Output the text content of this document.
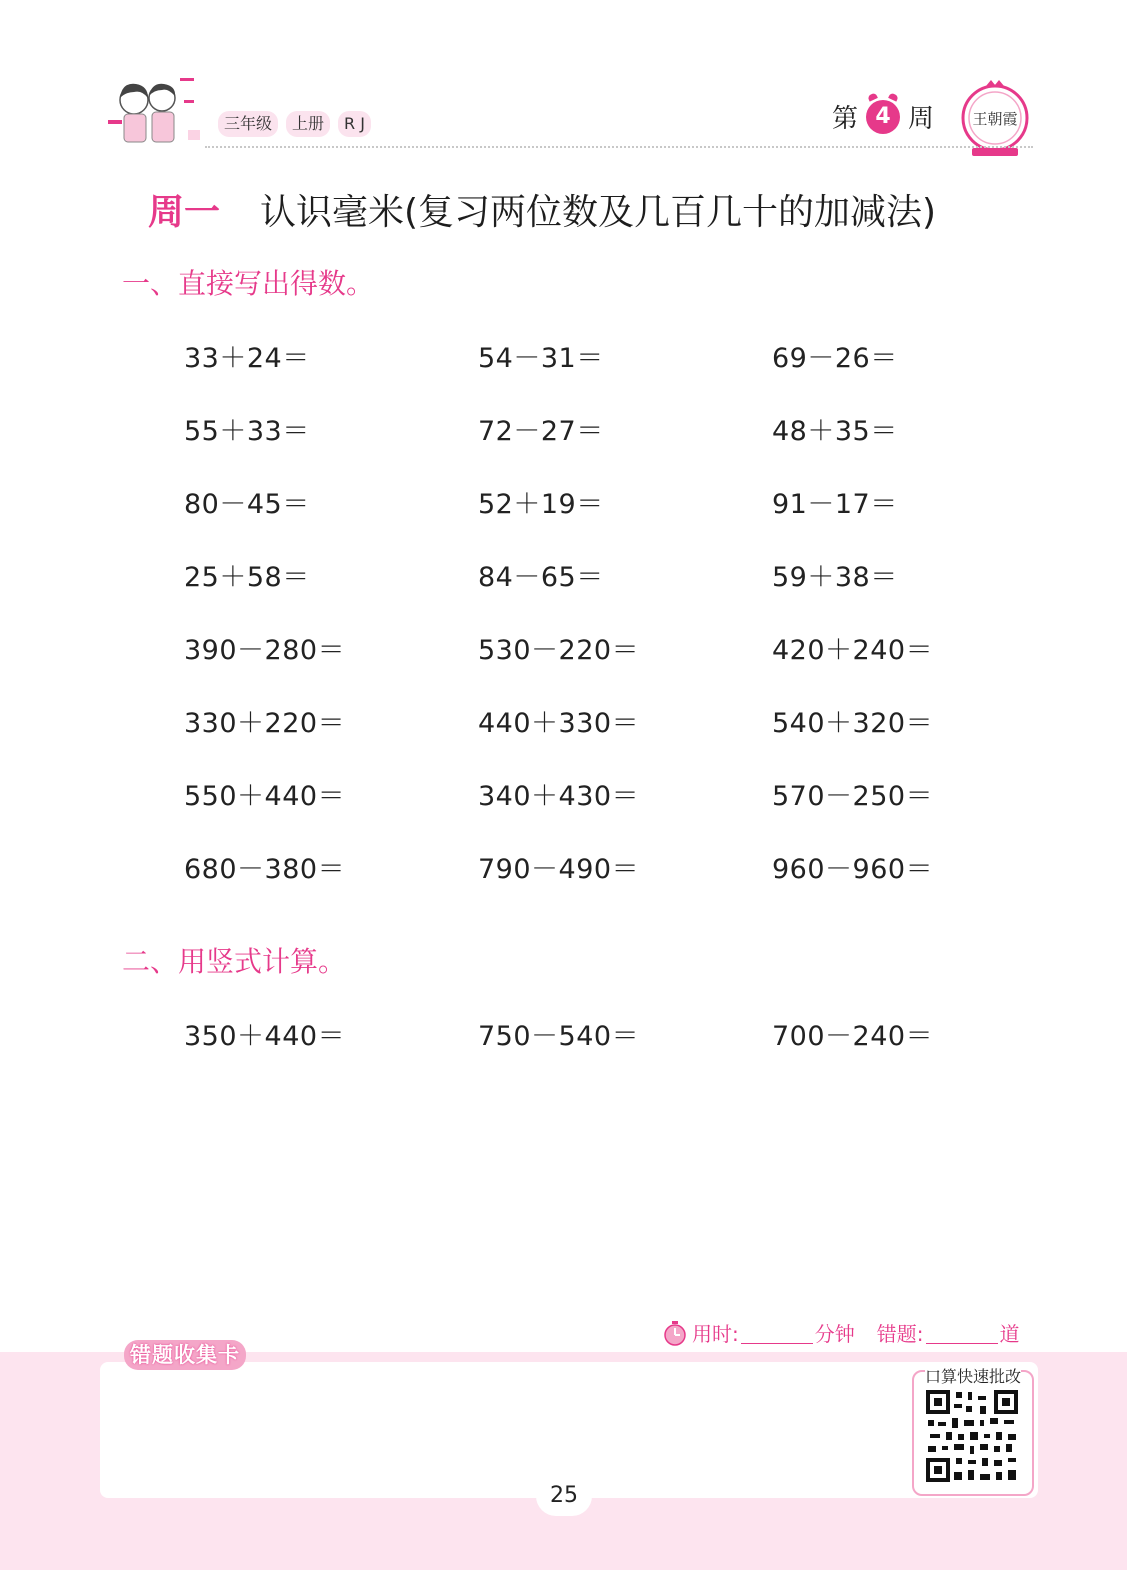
三年级	上册	R J	第 4 周	王朝霞
周一 认识毫米(复习两位数及几百几十的加减法)
一、直接写出得数。
33＋24＝	54－31＝	69－26＝
55＋33＝	72－27＝	48＋35＝
80－45＝	52＋19＝	91－17＝
25＋58＝	84－65＝	59＋38＝
390－280＝	530－220＝	420＋240＝
330＋220＝	440＋330＝	540＋320＝
550＋440＝	340＋430＝	570－250＝
680－380＝	790－490＝	960－960＝
二、用竖式计算。
350＋440＝	750－540＝	700－240＝
用时:	分钟 错题:	道
错题收集卡
口算快速批改
25
